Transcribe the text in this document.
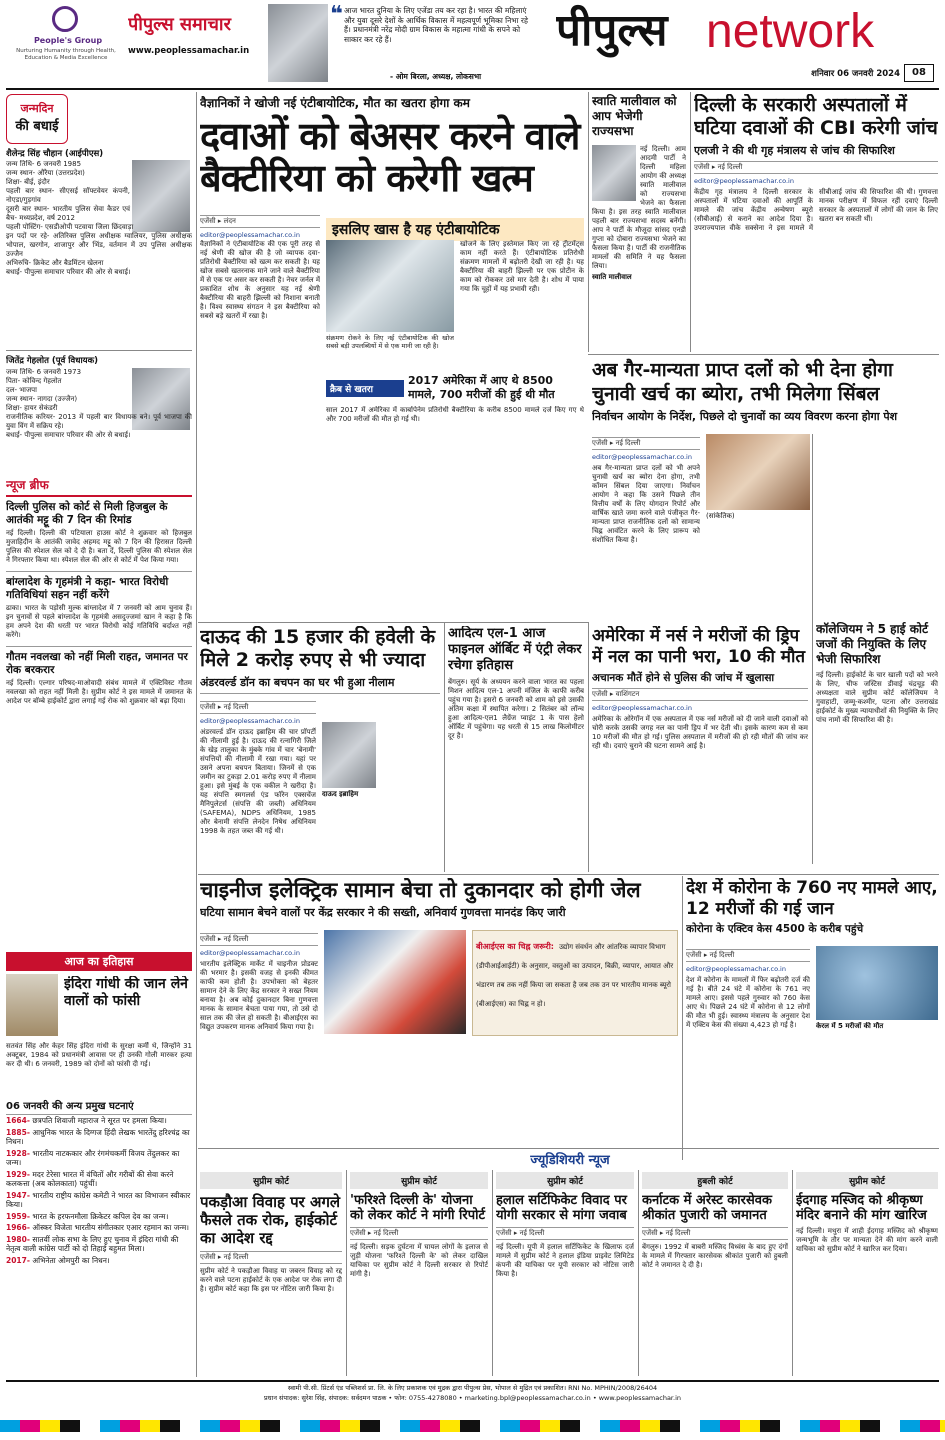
People's Group
Nurturing Humanity through Health, Education & Media Excellence
पीपुल्स समाचार
www.peoplessamachar.in
❝ आज भारत दुनिया के लिए एजेंडा तय कर रहा है। भारत की महिलाएं और युवा दूसरे देशों के आर्थिक विकास में महत्वपूर्ण भूमिका निभा रहे हैं। प्रधानमंत्री नरेंद्र मोदी ग्राम विकास के महात्मा गांधी के सपने को साकार कर रहे हैं।
- ओम बिरला, अध्यक्ष, लोकसभा
पीपुल्स network
शनिवार 06 जनवरी 2024	08
जन्मदिन
की बधाई
शैलेन्द्र सिंह चौहान (आईपीएस)
जन्म तिथि- 6 जनवरी 1985
जन्म स्थान- औरैया (उत्तरप्रदेश)
शिक्षा- बीई, इंदौर
पहली बार स्थान- सीएसई सॉफ्टवेयर कंपनी, नोएडा/गुड़गांव
दूसरी बार स्थान- भारतीय पुलिस सेवा कैडर एवं बैच- मध्यप्रदेश, वर्ष 2012
पहली पोस्टिंग- एसडीओपी पटवाया जिला छिंदवाड़ा
इन पदों पर रहे- अतिरिक्त पुलिस अधीक्षक ग्वालियर, पुलिस अधीक्षक भोपाल, खरगोन, शाजापुर और भिंड, वर्तमान में उप पुलिस अधीक्षक उज्जैन
अभिरुचि- क्रिकेट और बैडमिंटन खेलना
बधाई- पीपुल्स समाचार परिवार की ओर से बधाई।
जितेंद्र गेहलोत (पूर्व विधायक)
जन्म तिथि- 6 जनवरी 1973
पिता- कोविन्द गेहलोत
दल- भाजपा
जन्म स्थान- नागदा (उज्जैन)
शिक्षा- हायर सेकंडरी
राजनीतिक करियर- 2013 में पहली बार विधायक बने। पूर्व भाजपा की युवा विंग में सक्रिय रहे।
बधाई- पीपुल्स समाचार परिवार की ओर से बधाई।
न्यूज ब्रीफ
दिल्ली पुलिस को कोर्ट से मिली हिजबुल के आतंकी मट्टू की 7 दिन की रिमांड
नई दिल्ली। दिल्ली की पटियाला हाउस कोर्ट ने शुक्रवार को हिजबुल मुजाहिदीन के आतंकी जावेद अहमद मट्टू को 7 दिन की हिरासत दिल्ली पुलिस की स्पेशल सेल को दे दी है। बता दें, दिल्ली पुलिस की स्पेशल सेल ने गिरफ्तार किया था। स्पेशल सेल की ओर से कोर्ट में पेश किया गया।
बांग्लादेश के गृहमंत्री ने कहा- भारत विरोधी गतिविधियां सहन नहीं करेंगे
ढाका। भारत के पड़ोसी मुल्क बांग्लादेश में 7 जनवरी को आम चुनाव हैं। इन चुनावों से पहले बांग्लादेश के गृहमंत्री असदुज्जमां खान ने कहा है कि हम अपने देश की धरती पर भारत विरोधी कोई गतिविधि बर्दाश्त नहीं करेंगे।
गौतम नवलखा को नहीं मिली राहत, जमानत पर रोक बरकरार
नई दिल्ली। एल्गार परिषद-माओवादी संबंध मामले में एक्टिविस्ट गौतम नवलखा को राहत नहीं मिली है। सुप्रीम कोर्ट ने इस मामले में जमानत के आदेश पर बॉम्बे हाईकोर्ट द्वारा लगाई गई रोक को शुक्रवार को बढ़ा दिया।
आज का इतिहास
इंदिरा गांधी की जान लेने वालों को फांसी
सतवंत सिंह और केहर सिंह इंदिरा गांधी के सुरक्षा कर्मी थे, जिन्होंने 31 अक्टूबर, 1984 को प्रधानमंत्री आवास पर ही उनकी गोली मारकर हत्या कर दी थी। 6 जनवरी, 1989 को दोनों को फांसी दी गई।
06 जनवरी की अन्य प्रमुख घटनाएं
1664- छत्रपति शिवाजी महाराज ने सूरत पर हमला किया।
1885- आधुनिक भारत के दिग्गज हिंदी लेखक भारतेंदु हरिश्चंद्र का निधन।
1928- भारतीय नाटककार और रंगमंचकर्मी विजय तेंदुलकर का जन्म।
1929- मदर टेरेसा भारत में वंचितों और गरीबों की सेवा करने कलकत्ता (अब कोलकाता) पहुंचीं।
1947- भारतीय राष्ट्रीय कांग्रेस कमेटी ने भारत का विभाजन स्वीकार किया।
1959- भारत के हरफनमौला क्रिकेटर कपिल देव का जन्म।
1966- ऑस्कर विजेता भारतीय संगीतकार एआर रहमान का जन्म।
1980- सातवीं लोक सभा के लिए हुए चुनाव में इंदिरा गांधी की नेतृत्व वाली कांग्रेस पार्टी को दो तिहाई बहुमत मिला।
2017- अभिनेता ओमपुरी का निधन।
वैज्ञानिकों ने खोजी नई एंटीबायोटिक, मौत का खतरा होगा कम
दवाओं को बेअसर करने वाले बैक्टीरिया को करेगी खत्म
एजेंसी ▸ लंदन
editor@peoplessamachar.co.in	इसलिए खास है यह एंटीबायोटिक
वैज्ञानिकों ने एंटीबायोटिक की एक पूरी तरह से नई श्रेणी की खोज की है जो व्यापक दवा-प्रतिरोधी बैक्टीरिया को खत्म कर सकती है। यह खोज सबसे खतरनाक माने जाने वाले बैक्टीरिया में से एक पर असर कर सकती है। नेचर जर्नल में प्रकाशित शोध के अनुसार यह नई श्रेणी बैक्टीरिया की बाहरी झिल्ली को निशाना बनाती है। विश्व स्वास्थ्य संगठन ने इस बैक्टीरिया को सबसे बड़े खतरों में रखा है।
संक्रमण रोकने के लिए नई एंटीबायोटिक की खोज सबसे बड़ी उपलब्धियों में से एक मानी जा रही है।
खोजने के लिए इस्तेमाल किए जा रहे ट्रीटमेंट्स काम नहीं करते हैं। एंटीबायोटिक प्रतिरोधी संक्रमण मामलों में बढ़ोतरी देखी जा रही है। यह बैक्टीरिया की बाहरी झिल्ली पर एक प्रोटीन के काम को रोककर उसे मार देती है। शोध में पाया गया कि चूहों में यह प्रभावी रही।
क्रैब से खतरा
2017 अमेरिका में आए थे 8500 मामले, 700 मरीजों की हुई थी मौत
साल 2017 में अमेरिका में कार्बापेनेम प्रतिरोधी बैक्टीरिया के करीब 8500 मामले दर्ज किए गए थे और 700 मरीजों की मौत हो गई थी।
स्वाति मालीवाल को आप भेजेगी राज्यसभा
नई दिल्ली। आम आदमी पार्टी ने दिल्ली महिला आयोग की अध्यक्ष स्वाति मालीवाल को राज्यसभा भेजने का फैसला किया है। इस तरह स्वाति मालीवाल पहली बार राज्यसभा सदस्य बनेंगी। आप ने पार्टी के मौजूदा सांसद एनडी गुप्ता को दोबारा राज्यसभा भेजने का फैसला किया है। पार्टी की राजनीतिक मामलों की समिति ने यह फैसला लिया।
स्वाति मालीवाल
दिल्ली के सरकारी अस्पतालों में घटिया दवाओं की CBI करेगी जांच
एलजी ने की थी गृह मंत्रालय से जांच की सिफारिश
एजेंसी ▸ नई दिल्ली
editor@peoplessamachar.co.in
केंद्रीय गृह मंत्रालय ने दिल्ली सरकार के अस्पतालों में घटिया दवाओं की आपूर्ति के मामले की जांच केंद्रीय अन्वेषण ब्यूरो (सीबीआई) से कराने का आदेश दिया है। उपराज्यपाल वीके सक्सेना ने इस मामले में सीबीआई जांच की सिफारिश की थी। गुणवत्ता मानक परीक्षण में विफल रहीं दवाएं दिल्ली सरकार के अस्पतालों में लोगों की जान के लिए खतरा बन सकती थीं।
अब गैर-मान्यता प्राप्त दलों को भी देना होगा चुनावी खर्च का ब्योरा, तभी मिलेगा सिंबल
निर्वाचन आयोग के निर्देश, पिछले दो चुनावों का व्यय विवरण करना होगा पेश
एजेंसी ▸ नई दिल्ली
editor@peoplessamachar.co.in
अब गैर-मान्यता प्राप्त दलों को भी अपने चुनावी खर्च का ब्योरा देना होगा, तभी कॉमन सिंबल दिया जाएगा। निर्वाचन आयोग ने कहा कि उसने पिछले तीन वित्तीय वर्षों के लिए योगदान रिपोर्ट और वार्षिक खाते जमा करने वाले पंजीकृत गैर-मान्यता प्राप्त राजनीतिक दलों को सामान्य चिह्न आवंटित करने के लिए प्रारूप को संशोधित किया है।
(सांकेतिक)
कॉलेजियम ने 5 हाई कोर्ट जजों की नियुक्ति के लिए भेजी सिफारिश
नई दिल्ली। हाईकोर्ट के चार खाली पदों को भरने के लिए, चीफ जस्टिस डीवाई चंद्रचूड़ की अध्यक्षता वाले सुप्रीम कोर्ट कॉलेजियम ने गुवाहाटी, जम्मू-कश्मीर, पटना और उत्तराखंड हाईकोर्ट के मुख्य न्यायाधीशों की नियुक्ति के लिए पांच नामों की सिफारिश की है।
दाऊद की 15 हजार की हवेली के मिले 2 करोड़ रुपए से भी ज्यादा
अंडरवर्ल्ड डॉन का बचपन का घर भी हुआ नीलाम
एजेंसी ▸ नई दिल्ली
editor@peoplessamachar.co.in
अंडरवर्ल्ड डॉन दाऊद इब्राहिम की चार प्रॉपर्टी की नीलामी हुई है। दाऊद की रत्नागिरी जिले के खेड़ तालुका के मुंबके गांव में चार 'बेनामी' संपत्तियों की नीलामी में रखा गया। यहां पर उसने अपना बचपन बिताया। जिनमें से एक जमीन का टुकड़ा 2.01 करोड़ रुपए में नीलाम हुआ। इसे मुंबई के एक वकील ने खरीदा है। यह संपत्ति स्मगलर्स एंड फॉरेन एक्सचेंज मैनिपुलेटर्स (संपत्ति की जब्ती) अधिनियम (SAFEMA), NDPS अधिनियम, 1985 और बेनामी संपत्ति लेनदेन निषेध अधिनियम 1998 के तहत जब्त की गई थी।
दाऊद इब्राहिम
आदित्य एल-1 आज फाइनल ऑर्बिट में एंट्री लेकर रचेगा इतिहास
बेंगलुरु। सूर्य के अध्ययन करने वाला भारत का पहला मिशन आदित्य एल-1 अपनी मंजिल के काफी करीब पहुंच गया है। इसरो 6 जनवरी को शाम को इसे उसकी अंतिम कक्षा में स्थापित करेगा। 2 सितंबर को लॉन्च हुआ आदित्य-एल1 लैग्रेंज प्वाइंट 1 के पास हेलो ऑर्बिट में पहुंचेगा। यह धरती से 15 लाख किलोमीटर दूर है।
अमेरिका में नर्स ने मरीजों की ड्रिप में नल का पानी भरा, 10 की मौत
अचानक मौतें होने से पुलिस की जांच में खुलासा
एजेंसी ▸ वाशिंगटन
editor@peoplessamachar.co.in
अमेरिका के ओरेगॉन में एक अस्पताल में एक नर्स मरीजों को दी जाने वाली दवाओं को चोरी करके उसकी जगह नल का पानी ड्रिप में भर देती थी। इसके कारण कम से कम 10 मरीजों की मौत हो गई। पुलिस अस्पताल में मरीजों की हो रही मौतों की जांच कर रही थी। दवाएं चुराने की घटना सामने आई है।
चाइनीज इलेक्ट्रिक सामान बेचा तो दुकानदार को होगी जेल
घटिया सामान बेचने वालों पर केंद्र सरकार ने की सख्ती, अनिवार्य गुणवत्ता मानदंड किए जारी
एजेंसी ▸ नई दिल्ली
editor@peoplessamachar.co.in
भारतीय इलेक्ट्रिक मार्केट में चाइनीज प्रोडक्ट की भरमार है। इसकी वजह से इनकी कीमत काफी कम होती है। उपभोक्ता को बेहतर सामान देने के लिए केंद्र सरकार ने सख्त नियम बनाया है। अब कोई दुकानदार बिना गुणवत्ता मानक के सामान बेचता पाया गया, तो उसे दो साल तक की जेल हो सकती है। बीआईएस का विद्युत उपकरण मानक अनिवार्य किया गया है।
बीआईएस का चिह्न जरूरी: उद्योग संवर्धन और आंतरिक व्यापार विभाग (डीपीआईआईटी) के अनुसार, वस्तुओं का उत्पादन, बिक्री, व्यापार, आयात और भंडारण तब तक नहीं किया जा सकता है जब तक उन पर भारतीय मानक ब्यूरो (बीआईएस) का चिह्न न हो।
देश में कोरोना के 760 नए मामले आए, 12 मरीजों की गई जान
कोरोना के एक्टिव केस 4500 के करीब पहुंचे
एजेंसी ▸ नई दिल्ली
editor@peoplessamachar.co.in
देश में कोरोना के मामलों में फिर बढ़ोतरी दर्ज की गई है। बीते 24 घंटे में कोरोना के 761 नए मामले आए। इससे पहले गुरुवार को 760 केस आए थे। पिछले 24 घंटे में कोरोना से 12 लोगों की मौत भी हुई। स्वास्थ्य मंत्रालय के अनुसार देश में एक्टिव केस की संख्या 4,423 हो गई है।	केरल में 5 मरीजों की मौत
ज्यूडिशियरी न्यूज
सुप्रीम कोर्ट
पकड़ौआ विवाह पर अगले फैसले तक रोक, हाईकोर्ट का आदेश रद्द
एजेंसी ▸ नई दिल्ली
सुप्रीम कोर्ट ने पकड़ौआ विवाह या जबरन विवाह को रद्द करने वाले पटना हाईकोर्ट के एक आदेश पर रोक लगा दी है। सुप्रीम कोर्ट कहा कि इस पर नोटिस जारी किया है।
सुप्रीम कोर्ट
'फरिश्ते दिल्ली के' योजना को लेकर कोर्ट ने मांगी रिपोर्ट
एजेंसी ▸ नई दिल्ली
नई दिल्ली। सड़क दुर्घटना में घायल लोगों के इलाज से जुड़ी योजना 'फरिश्ते दिल्ली के' को लेकर दाखिल याचिका पर सुप्रीम कोर्ट ने दिल्ली सरकार से रिपोर्ट मांगी है।
सुप्रीम कोर्ट
हलाल सर्टिफिकेट विवाद पर योगी सरकार से मांगा जवाब
एजेंसी ▸ नई दिल्ली
नई दिल्ली। यूपी में हलाल सर्टिफिकेट के खिलाफ दर्ज मामले में सुप्रीम कोर्ट ने हलाल इंडिया प्राइवेट लिमिटेड कंपनी की याचिका पर यूपी सरकार को नोटिस जारी किया है।
हुबली कोर्ट
कर्नाटक में अरेस्ट कारसेवक श्रीकांत पुजारी को जमानत
एजेंसी ▸ नई दिल्ली
बेंगलुरु। 1992 में बाबरी मस्जिद विध्वंस के बाद हुए दंगों के मामले में गिरफ्तार कारसेवक श्रीकांत पुजारी को हुबली कोर्ट ने जमानत दे दी है।
सुप्रीम कोर्ट
ईदगाह मस्जिद को श्रीकृष्ण मंदिर बनाने की मांग खारिज
नई दिल्ली। मथुरा में शाही ईदगाह मस्जिद को श्रीकृष्ण जन्मभूमि के तौर पर मान्यता देने की मांग करने वाली याचिका को सुप्रीम कोर्ट ने खारिज कर दिया।
स्वामी पी.सी. प्रिंटर्स एंड पब्लिशर्स प्रा. लि. के लिए प्रकाशक एवं मुद्रक द्वारा पीपुल्स प्रेस, भोपाल से मुद्रित एवं प्रकाशित। RNI No. MPHIN/2008/26404
प्रधान संपादक: सुरेश सिंह, संपादक: सर्वदमन पाठक • फोन: 0755-4278080 • marketing.bpl@peoplessamachar.co.in • www.peoplessamachar.in
